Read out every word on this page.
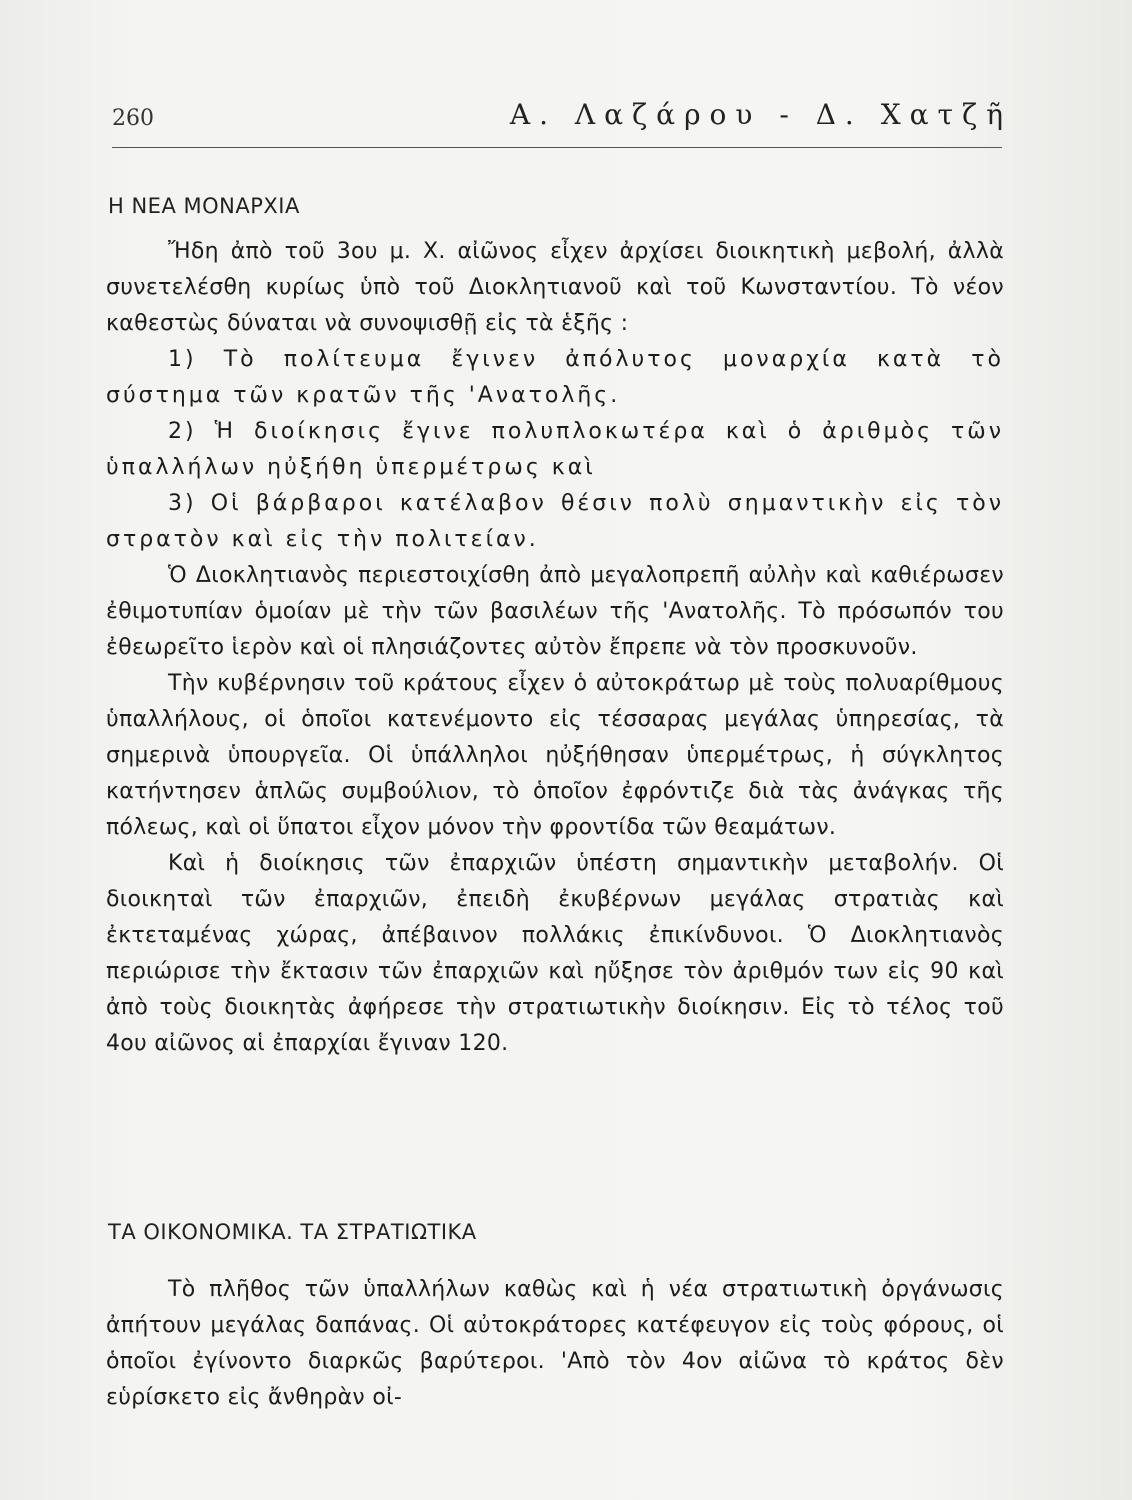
260	Α. Λαζάρου - Δ. Χατζῆ
Η ΝΕΑ ΜΟΝΑΡΧΙΑ

Ἤδη ἀπὸ τοῦ 3ου μ. Χ. αἰῶνος εἶχεν ἀρχίσει διοικητικὴ μεβολή, ἀλλὰ συνετελέσθη κυρίως ὑπὸ τοῦ Διοκλητιανοῦ καὶ τοῦ Κωνσταντίου. Τὸ νέον καθεστὼς δύναται νὰ συνοψισθῇ εἰς τὰ ἑξῆς :

1) Τὸ πολίτευμα ἔγινεν ἀπόλυτος μοναρχία κατὰ τὸ σύστημα τῶν κρατῶν τῆς 'Ανατολῆς.

2) Ἡ διοίκησις ἔγινε πολυπλοκωτέρα καὶ ὁ ἀριθμὸς τῶν ὑπαλλήλων ηὐξήθη ὑπερμέτρως καὶ

3) Οἱ βάρβαροι κατέλαβον θέσιν πολὺ σημαντικὴν εἰς τὸν στρατὸν καὶ εἰς τὴν πολιτείαν.

Ὁ Διοκλητιανὸς περιεστοιχίσθη ἀπὸ μεγαλοπρεπῆ αὐλὴν καὶ καθιέρωσεν ἐθιμοτυπίαν ὁμοίαν μὲ τὴν τῶν βασιλέων τῆς 'Ανατολῆς. Τὸ πρόσωπόν του ἐθεωρεῖτο ἱερὸν καὶ οἱ πλησιάζοντες αὐτὸν ἔπρεπε νὰ τὸν προσκυνοῦν.

Τὴν κυβέρνησιν τοῦ κράτους εἶχεν ὁ αὐτοκράτωρ μὲ τοὺς πολυαρίθμους ὑπαλλήλους, οἱ ὁποῖοι κατενέμοντο εἰς τέσσαρας μεγάλας ὑπηρεσίας, τὰ σημερινὰ ὑπουργεῖα. Οἱ ὑπάλληλοι ηὐξήθησαν ὑπερμέτρως, ἡ σύγκλητος κατήντησεν ἁπλῶς συμβούλιον, τὸ ὁποῖον ἐφρόντιζε διὰ τὰς ἀνάγκας τῆς πόλεως, καὶ οἱ ὕπατοι εἶχον μόνον τὴν φροντίδα τῶν θεαμάτων.

Καὶ ἡ διοίκησις τῶν ἐπαρχιῶν ὑπέστη σημαντικὴν μεταβολήν. Οἱ διοικηταὶ τῶν ἐπαρχιῶν, ἐπειδὴ ἐκυβέρνων μεγάλας στρατιὰς καὶ ἐκτεταμένας χώρας, ἀπέβαινον πολλάκις ἐπικίνδυνοι. Ὁ Διοκλητιανὸς περιώρισε τὴν ἔκτασιν τῶν ἐπαρχιῶν καὶ ηὔξησε τὸν ἀριθμόν των εἰς 90 καὶ ἀπὸ τοὺς διοικητὰς ἀφήρεσε τὴν στρατιωτικὴν διοίκησιν. Εἰς τὸ τέλος τοῦ 4ου αἰῶνος αἱ ἐπαρχίαι ἔγιναν 120.

ΤΑ ΟΙΚΟΝΟΜΙΚΑ. ΤΑ ΣΤΡΑΤΙΩΤΙΚΑ

Τὸ πλῆθος τῶν ὑπαλλήλων καθὼς καὶ ἡ νέα στρατιωτικὴ ὀργάνωσις ἀπήτουν μεγάλας δαπάνας. Οἱ αὐτοκράτορες κατέφευγον εἰς τοὺς φόρους, οἱ ὁποῖοι ἐγίνοντο διαρκῶς βαρύτεροι. 'Απὸ τὸν 4ον αἰῶνα τὸ κράτος δὲν εὑρίσκετο εἰς ἄνθηρὰν οἰ-
